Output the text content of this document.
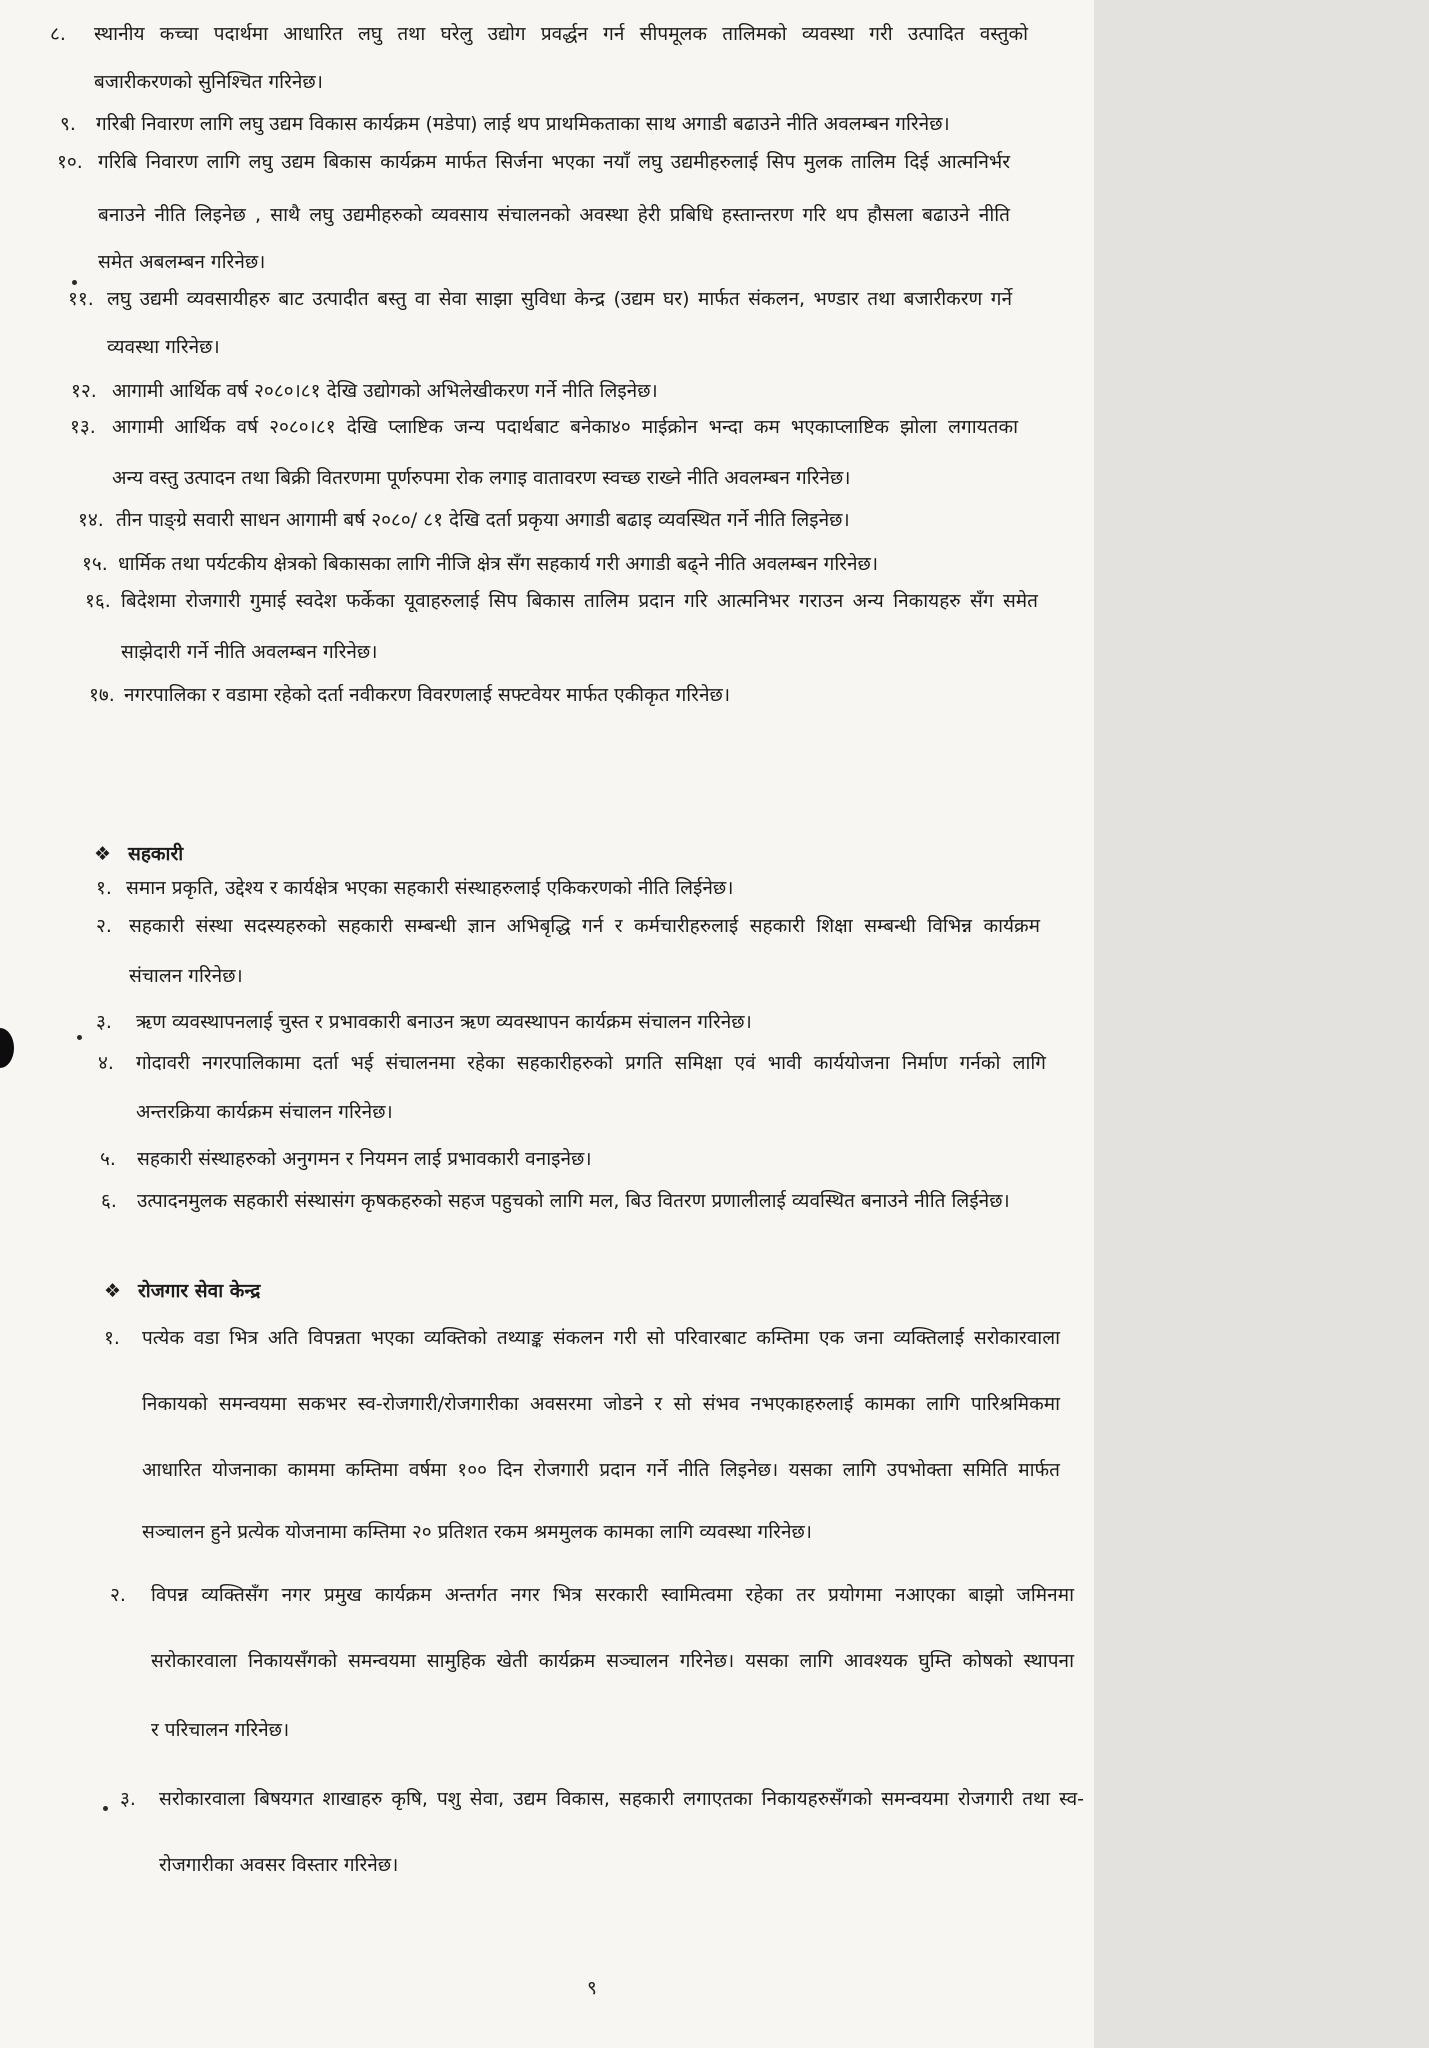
८. स्थानीय कच्चा पदार्थमा आधारित लघु तथा घरेलु उद्योग प्रवर्द्धन गर्न सीपमूलक तालिमको व्यवस्था गरी उत्पादित वस्तुको
बजारीकरणको सुनिश्चित गरिनेछ।
९. गरिबी निवारण लागि लघु उद्यम विकास कार्यक्रम (मडेपा) लाई थप प्राथमिकताका साथ अगाडी बढाउने नीति अवलम्बन गरिनेछ।
१०. गरिबि निवारण लागि लघु उद्यम बिकास कार्यक्रम मार्फत सिर्जना भएका नयाँ लघु उद्यमीहरुलाई सिप मुलक तालिम दिई आत्मनिर्भर
बनाउने नीति लिइनेछ , साथै लघु उद्यमीहरुको व्यवसाय संचालनको अवस्था हेरी प्रबिधि हस्तान्तरण गरि थप हौसला बढाउने नीति
समेत अबलम्बन गरिनेछ।
११. लघु उद्यमी व्यवसायीहरु बाट उत्पादीत बस्तु वा सेवा साझा सुविधा केन्द्र (उद्यम घर) मार्फत संकलन, भण्डार तथा बजारीकरण गर्ने
व्यवस्था गरिनेछ।
१२. आगामी आर्थिक वर्ष २०८०।८१ देखि उद्योगको अभिलेखीकरण गर्ने नीति लिइनेछ।
१३. आगामी आर्थिक वर्ष २०८०।८१ देखि प्लाष्टिक जन्य पदार्थबाट बनेका४० माईक्रोन भन्दा कम भएकाप्लाष्टिक झोला लगायतका
अन्य वस्तु उत्पादन तथा बिक्री वितरणमा पूर्णरुपमा रोक लगाइ वातावरण स्वच्छ राख्ने नीति अवलम्बन गरिनेछ।
१४. तीन पाङ्ग्रे सवारी साधन आगामी बर्ष २०८०/ ८१ देखि दर्ता प्रकृया अगाडी बढाइ व्यवस्थित गर्ने नीति लिइनेछ।
१५. धार्मिक तथा पर्यटकीय क्षेत्रको बिकासका लागि नीजि क्षेत्र सँग सहकार्य गरी अगाडी बढ्ने नीति अवलम्बन गरिनेछ।
१६. बिदेशमा रोजगारी गुमाई स्वदेश फर्केका यूवाहरुलाई सिप बिकास तालिम प्रदान गरि आत्मनिभर गराउन अन्य निकायहरु सँग समेत
साझेदारी गर्ने नीति अवलम्बन गरिनेछ।
१७. नगरपालिका र वडामा रहेको दर्ता नवीकरण विवरणलाई सफ्टवेयर मार्फत एकीकृत गरिनेछ।
❖ सहकारी
१. समान प्रकृति, उद्देश्य र कार्यक्षेत्र भएका सहकारी संस्थाहरुलाई एकिकरणको नीति लिईनेछ।
२. सहकारी संस्था सदस्यहरुको सहकारी सम्बन्धी ज्ञान अभिबृद्धि गर्न र कर्मचारीहरुलाई सहकारी शिक्षा सम्बन्धी विभिन्न कार्यक्रम
संचालन गरिनेछ।
३. ऋण व्यवस्थापनलाई चुस्त र प्रभावकारी बनाउन ऋण व्यवस्थापन कार्यक्रम संचालन गरिनेछ।
४. गोदावरी नगरपालिकामा दर्ता भई संचालनमा रहेका सहकारीहरुको प्रगति समिक्षा एवं भावी कार्ययोजना निर्माण गर्नको लागि
अन्तरक्रिया कार्यक्रम संचालन गरिनेछ।
५. सहकारी संस्थाहरुको अनुगमन र नियमन लाई प्रभावकारी वनाइनेछ।
६. उत्पादनमुलक सहकारी संस्थासंग कृषकहरुको सहज पहुचको लागि मल, बिउ वितरण प्रणालीलाई व्यवस्थित बनाउने नीति लिईनेछ।
❖ रोजगार सेवा केन्द्र
१. पत्येक वडा भित्र अति विपन्नता भएका व्यक्तिको तथ्याङ्क संकलन गरी सो परिवारबाट कम्तिमा एक जना व्यक्तिलाई सरोकारवाला
निकायको समन्वयमा सकभर स्व-रोजगारी/रोजगारीका अवसरमा जोडने र सो संभव नभएकाहरुलाई कामका लागि पारिश्रमिकमा
आधारित योजनाका काममा कम्तिमा वर्षमा १०० दिन रोजगारी प्रदान गर्ने नीति लिइनेछ। यसका लागि उपभोक्ता समिति मार्फत
सञ्चालन हुने प्रत्येक योजनामा कम्तिमा २० प्रतिशत रकम श्रममुलक कामका लागि व्यवस्था गरिनेछ।
२. विपन्न व्यक्तिसँग नगर प्रमुख कार्यक्रम अन्तर्गत नगर भित्र सरकारी स्वामित्वमा रहेका तर प्रयोगमा नआएका बाझो जमिनमा
सरोकारवाला निकायसँगको समन्वयमा सामुहिक खेती कार्यक्रम सञ्चालन गरिनेछ। यसका लागि आवश्यक घुम्ति कोषको स्थापना
र परिचालन गरिनेछ।
३. सरोकारवाला बिषयगत शाखाहरु कृषि, पशु सेवा, उद्यम विकास, सहकारी लगाएतका निकायहरुसँगको समन्वयमा रोजगारी तथा स्व-
रोजगारीका अवसर विस्तार गरिनेछ।
९
